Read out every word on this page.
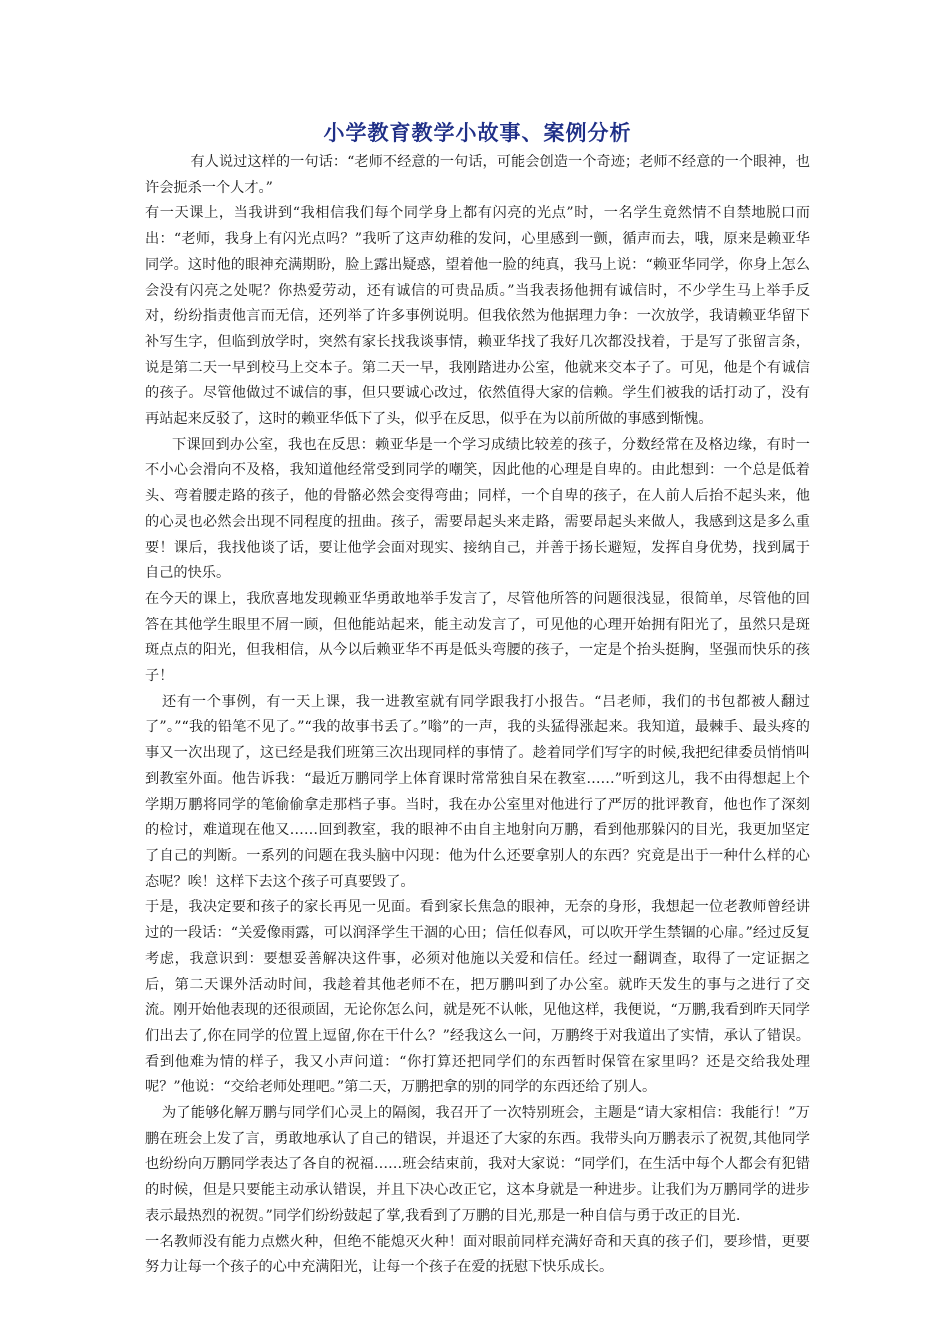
小学教育教学小故事、案例分析

有人说过这样的一句话：“老师不经意的一句话，可能会创造一个奇迹；老师不经意的一个眼神，也许会扼杀一个人才。”

有一天课上，当我讲到“我相信我们每个同学身上都有闪亮的光点”时，一名学生竟然情不自禁地脱口而出：“老师，我身上有闪光点吗？”我听了这声幼稚的发问，心里感到一颤，循声而去，哦，原来是赖亚华同学。这时他的眼神充满期盼，脸上露出疑惑，望着他一脸的纯真，我马上说：“赖亚华同学，你身上怎么会没有闪亮之处呢？你热爱劳动，还有诚信的可贵品质。”当我表扬他拥有诚信时，不少学生马上举手反对，纷纷指责他言而无信，还列举了许多事例说明。但我依然为他据理力争：一次放学，我请赖亚华留下补写生字，但临到放学时，突然有家长找我谈事情，赖亚华找了我好几次都没找着，于是写了张留言条，说是第二天一早到校马上交本子。第二天一早，我刚踏进办公室，他就来交本子了。可见，他是个有诚信的孩子。尽管他做过不诚信的事，但只要诚心改过，依然值得大家的信赖。学生们被我的话打动了，没有再站起来反驳了，这时的赖亚华低下了头，似乎在反思，似乎在为以前所做的事感到惭愧。

下课回到办公室，我也在反思：赖亚华是一个学习成绩比较差的孩子，分数经常在及格边缘，有时一不小心会滑向不及格，我知道他经常受到同学的嘲笑，因此他的心理是自卑的。由此想到：一个总是低着头、弯着腰走路的孩子，他的骨骼必然会变得弯曲；同样，一个自卑的孩子，在人前人后抬不起头来，他的心灵也必然会出现不同程度的扭曲。孩子，需要昂起头来走路，需要昂起头来做人，我感到这是多么重要！课后，我找他谈了话，要让他学会面对现实、接纳自己，并善于扬长避短，发挥自身优势，找到属于自己的快乐。

在今天的课上，我欣喜地发现赖亚华勇敢地举手发言了，尽管他所答的问题很浅显，很简单，尽管他的回答在其他学生眼里不屑一顾，但他能站起来，能主动发言了，可见他的心理开始拥有阳光了，虽然只是斑斑点点的阳光，但我相信，从今以后赖亚华不再是低头弯腰的孩子，一定是个抬头挺胸，坚强而快乐的孩子！

还有一个事例，有一天上课，我一进教室就有同学跟我打小报告。“吕老师，我们的书包都被人翻过了”。”“我的铅笔不见了。”“我的故事书丢了。”嗡”的一声，我的头猛得涨起来。我知道，最棘手、最头疼的事又一次出现了，这已经是我们班第三次出现同样的事情了。趁着同学们写字的时候,我把纪律委员悄悄叫到教室外面。他告诉我：“最近万鹏同学上体育课时常常独自呆在教室……”听到这儿，我不由得想起上个学期万鹏将同学的笔偷偷拿走那档子事。当时，我在办公室里对他进行了严厉的批评教育，他也作了深刻的检讨，难道现在他又……回到教室，我的眼神不由自主地射向万鹏，看到他那躲闪的目光，我更加坚定了自己的判断。一系列的问题在我头脑中闪现：他为什么还要拿别人的东西？究竟是出于一种什么样的心态呢？唉！这样下去这个孩子可真要毁了。

于是，我决定要和孩子的家长再见一见面。看到家长焦急的眼神，无奈的身形，我想起一位老教师曾经讲过的一段话：“关爱像雨露，可以润泽学生干涸的心田；信任似春风，可以吹开学生禁锢的心扉。”经过反复考虑，我意识到：要想妥善解决这件事，必须对他施以关爱和信任。经过一翻调查，取得了一定证据之后，第二天课外活动时间，我趁着其他老师不在，把万鹏叫到了办公室。就昨天发生的事与之进行了交流。刚开始他表现的还很顽固，无论你怎么问，就是死不认帐，见他这样，我便说，“万鹏,我看到昨天同学们出去了,你在同学的位置上逗留,你在干什么？”经我这么一问，万鹏终于对我道出了实情，承认了错误。看到他难为情的样子，我又小声问道：“你打算还把同学们的东西暂时保管在家里吗？还是交给我处理呢？”他说：“交给老师处理吧。”第二天，万鹏把拿的别的同学的东西还给了别人。

为了能够化解万鹏与同学们心灵上的隔阂，我召开了一次特别班会，主题是“请大家相信：我能行！”万鹏在班会上发了言，勇敢地承认了自己的错误，并退还了大家的东西。我带头向万鹏表示了祝贺,其他同学也纷纷向万鹏同学表达了各自的祝福……班会结束前，我对大家说：“同学们，在生活中每个人都会有犯错的时候，但是只要能主动承认错误，并且下决心改正它，这本身就是一种进步。让我们为万鹏同学的进步表示最热烈的祝贺。”同学们纷纷鼓起了掌,我看到了万鹏的目光,那是一种自信与勇于改正的目光.

一名教师没有能力点燃火种，但绝不能熄灭火种！面对眼前同样充满好奇和天真的孩子们，要珍惜，更要努力让每一个孩子的心中充满阳光，让每一个孩子在爱的抚慰下快乐成长。
